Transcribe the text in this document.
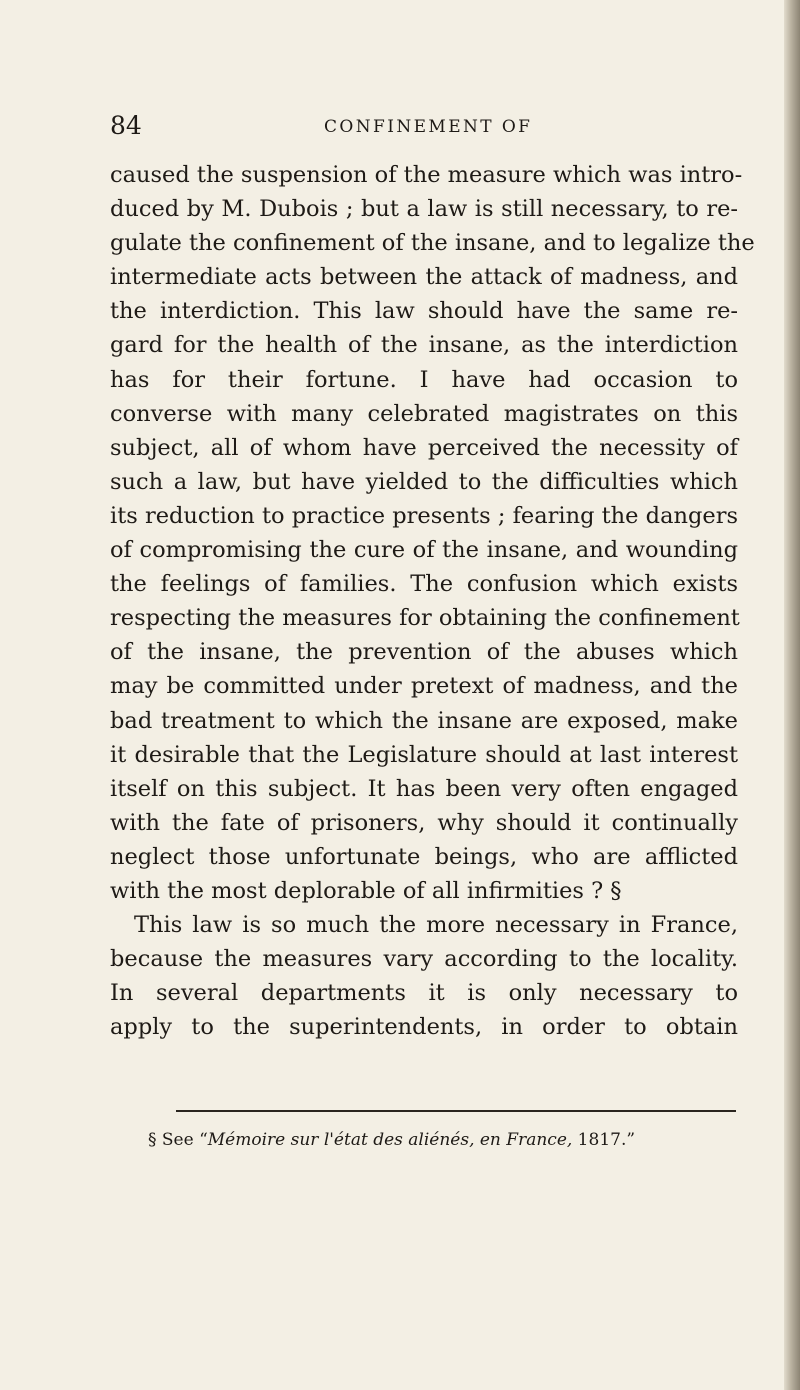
84	CONFINEMENT OF
caused the suspension of the measure which was intro-
duced by M. Dubois ; but a law is still necessary, to re-
gulate the confinement of the insane, and to legalize the
intermediate acts between the attack of madness, and
the interdiction. This law should have the same re-
gard for the health of the insane, as the interdiction
has for their fortune. I have had occasion to
converse with many celebrated magistrates on this
subject, all of whom have perceived the necessity of
such a law, but have yielded to the difficulties which
its reduction to practice presents ; fearing the dangers
of compromising the cure of the insane, and wounding
the feelings of families. The confusion which exists
respecting the measures for obtaining the confinement
of the insane, the prevention of the abuses which
may be committed under pretext of madness, and the
bad treatment to which the insane are exposed, make
it desirable that the Legislature should at last interest
itself on this subject. It has been very often engaged
with the fate of prisoners, why should it continually
neglect those unfortunate beings, who are afflicted
with the most deplorable of all infirmities ? §
This law is so much the more necessary in France,
because the measures vary according to the locality.
In several departments it is only necessary to
apply to the superintendents, in order to obtain
§ See “Mémoire sur l'état des aliénés, en France, 1817.”
